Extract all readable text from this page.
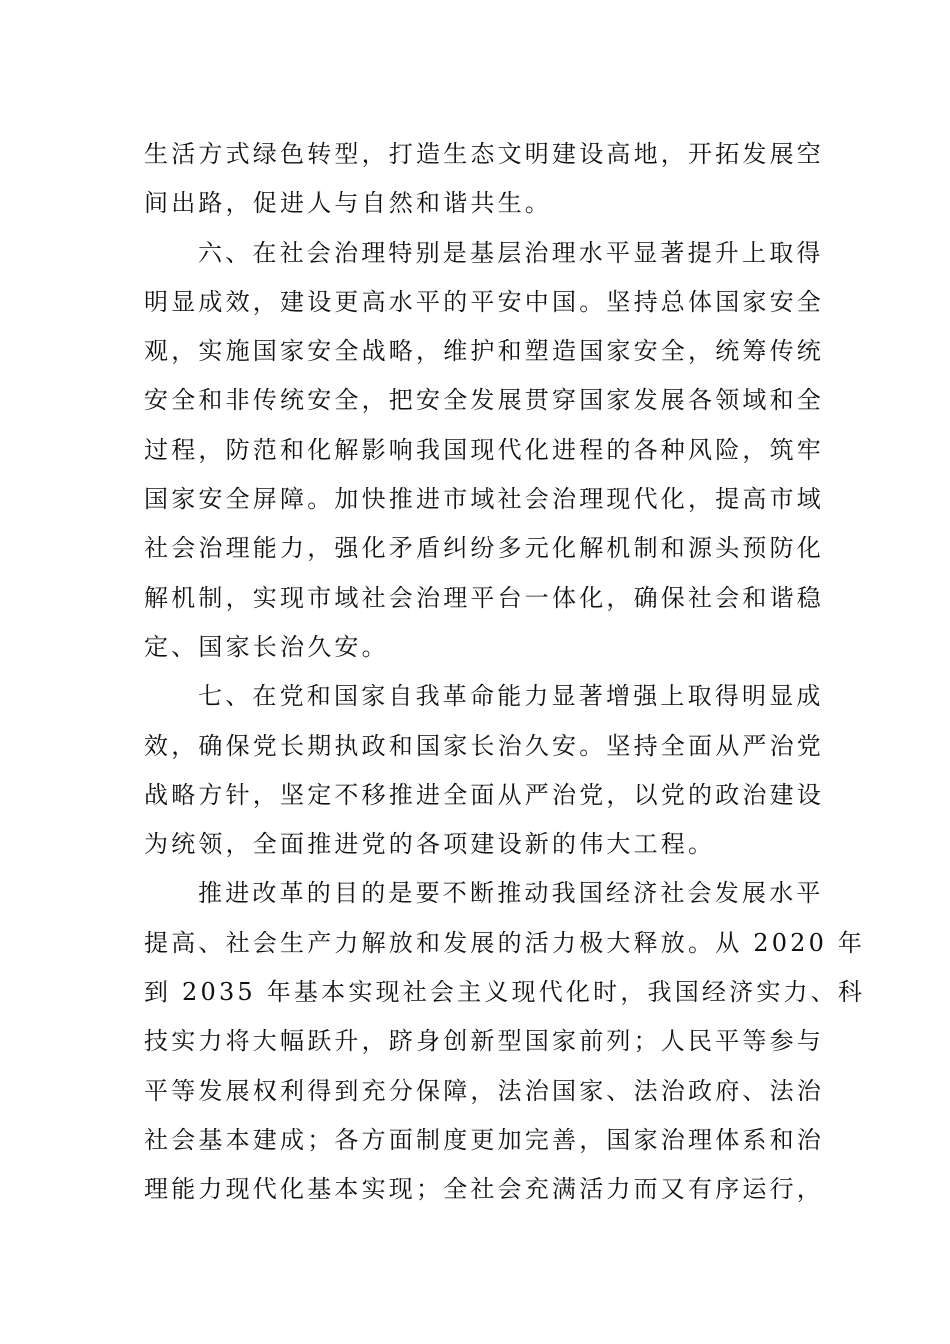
生活方式绿色转型，打造生态文明建设高地，开拓发展空
间出路，促进人与自然和谐共生。
六、在社会治理特别是基层治理水平显著提升上取得
明显成效，建设更高水平的平安中国。坚持总体国家安全
观，实施国家安全战略，维护和塑造国家安全，统筹传统
安全和非传统安全，把安全发展贯穿国家发展各领域和全
过程，防范和化解影响我国现代化进程的各种风险，筑牢
国家安全屏障。加快推进市域社会治理现代化，提高市域
社会治理能力，强化矛盾纠纷多元化解机制和源头预防化
解机制，实现市域社会治理平台一体化，确保社会和谐稳
定、国家长治久安。
七、在党和国家自我革命能力显著增强上取得明显成
效，确保党长期执政和国家长治久安。坚持全面从严治党
战略方针，坚定不移推进全面从严治党，以党的政治建设
为统领，全面推进党的各项建设新的伟大工程。
推进改革的目的是要不断推动我国经济社会发展水平
提高、社会生产力解放和发展的活力极大释放。从 2020 年
到 2035 年基本实现社会主义现代化时，我国经济实力、科
技实力将大幅跃升，跻身创新型国家前列；人民平等参与
平等发展权利得到充分保障，法治国家、法治政府、法治
社会基本建成；各方面制度更加完善，国家治理体系和治
理能力现代化基本实现；全社会充满活力而又有序运行，
